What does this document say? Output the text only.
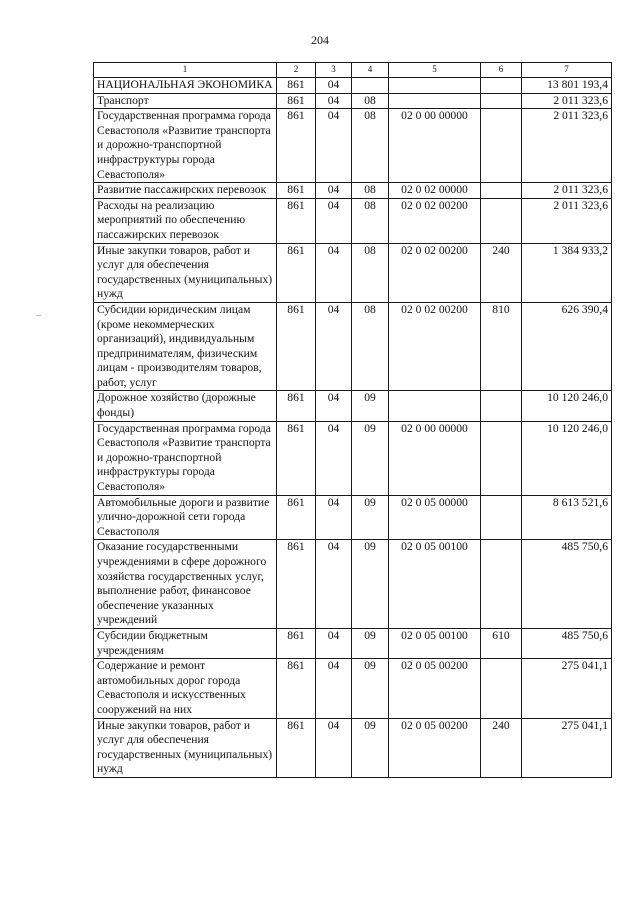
204
1	2	3	4	5	6	7
НАЦИОНАЛЬНАЯ ЭКОНОМИКА	861	04				13 801 193,4
Транспорт	861	04	08			2 011 323,6
Государственная программа города Севастополя «Развитие транспорта и дорожно-транспортной инфраструктуры города Севастополя»	861	04	08	02 0 00 00000		2 011 323,6
Развитие пассажирских перевозок	861	04	08	02 0 02 00000		2 011 323,6
Расходы на реализацию мероприятий по обеспечению пассажирских перевозок	861	04	08	02 0 02 00200		2 011 323,6
Иные закупки товаров, работ и услуг для обеспечения государственных (муниципальных) нужд	861	04	08	02 0 02 00200	240	1 384 933,2
Субсидии юридическим лицам (кроме некоммерческих организаций), индивидуальным предпринимателям, физическим лицам - производителям товаров, работ, услуг	861	04	08	02 0 02 00200	810	626 390,4
Дорожное хозяйство (дорожные фонды)	861	04	09			10 120 246,0
Государственная программа города Севастополя «Развитие транспорта и дорожно-транспортной инфраструктуры города Севастополя»	861	04	09	02 0 00 00000		10 120 246,0
Автомобильные дороги и развитие улично-дорожной сети города Севастополя	861	04	09	02 0 05 00000		8 613 521,6
Оказание государственными учреждениями в сфере дорожного хозяйства государственных услуг, выполнение работ, финансовое обеспечение указанных учреждений	861	04	09	02 0 05 00100		485 750,6
Субсидии бюджетным учреждениям	861	04	09	02 0 05 00100	610	485 750,6
Содержание и ремонт автомобильных дорог города Севастополя и искусственных сооружений на них	861	04	09	02 0 05 00200		275 041,1
Иные закупки товаров, работ и услуг для обеспечения государственных (муниципальных) нужд	861	04	09	02 0 05 00200	240	275 041,1
–
